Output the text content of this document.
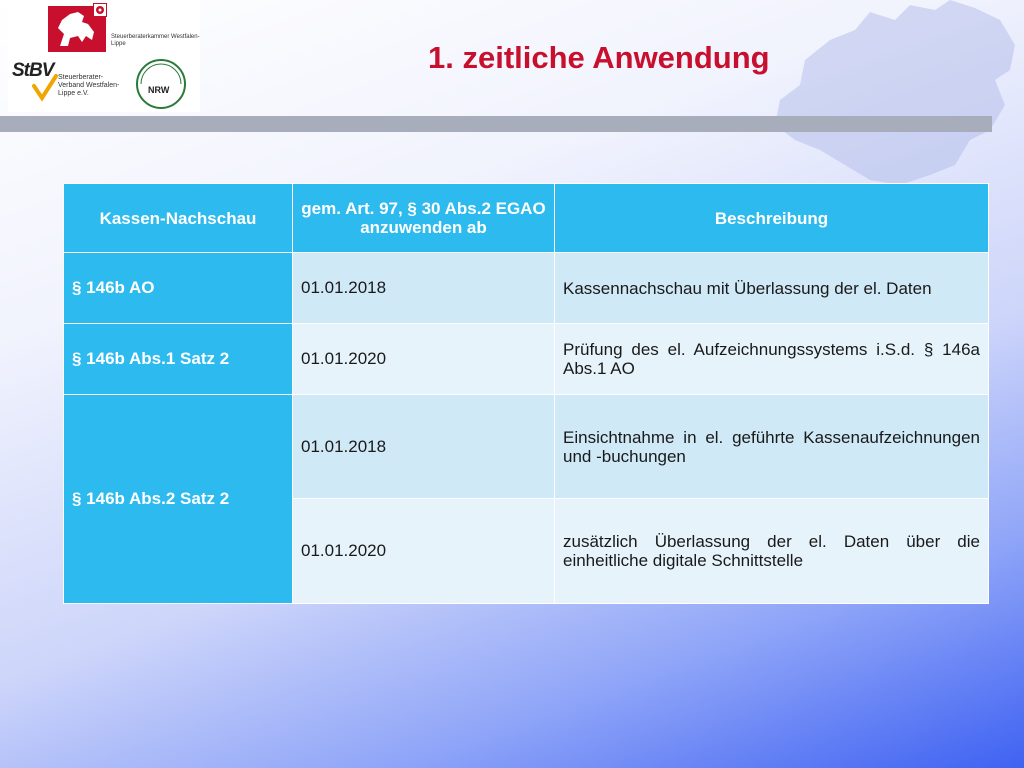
Steuerberaterkammer Westfalen-Lippe
StBV Steuerberater-Verband Westfalen-Lippe e.V.	NRW
1. zeitliche Anwendung
Kassen-Nachschau	gem. Art. 97, § 30 Abs.2 EGAO anzuwenden ab	Beschreibung
§ 146b AO	01.01.2018	Kassennachschau mit Überlassung der el. Daten
§ 146b Abs.1 Satz 2	01.01.2020	Prüfung des el. Aufzeichnungssystems i.S.d. § 146a Abs.1 AO
§ 146b Abs.2 Satz 2	01.01.2018	Einsichtnahme in el. geführte Kassenaufzeichnungen und -buchungen
	01.01.2020	zusätzlich Überlassung der el. Daten über die einheitliche digitale Schnittstelle
